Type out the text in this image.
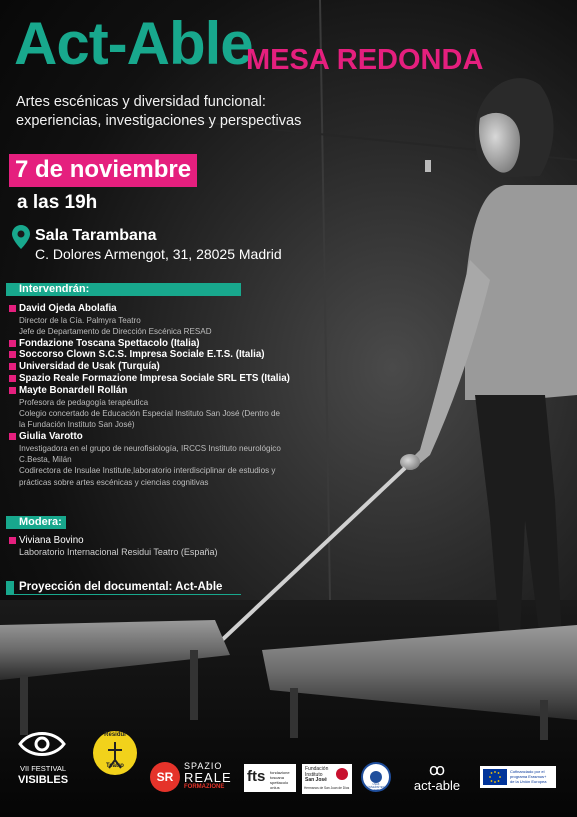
Act-Able
MESA REDONDA
Artes escénicas y diversidad funcional:
experiencias, investigaciones y perspectivas
7 de noviembre
a las 19h
Sala Tarambana
C. Dolores Armengot, 31, 28025 Madrid
Intervendrán:
David Ojeda Abolafia
Director de la Cía. Palmyra Teatro
Jefe de Departamento de Dirección Escénica RESAD
Fondazione Toscana Spettacolo (Italia)
Soccorso Clown S.C.S. Impresa Sociale E.T.S. (Italia)
Universidad de Usak (Turquía)
Spazio Reale Formazione Impresa Sociale SRL ETS (Italia)
Mayte Bonardell Rollán
Profesora de pedagogía terapéutica
Colegio concertado de Educación Especial Instituto San José (Dentro de
la Fundación Instituto San José)
Giulia Varotto
Investigadora en el grupo de neurofisiología, IRCCS Instituto neurológico
C.Besta, Milán
Codirectora de Insulae Institute,laboratorio interdisciplinar de estudios y
prácticas sobre artes escénicas y ciencias cognitivas
Modera:
Viviana Bovino
Laboratorio Internacional Residui Teatro (España)
Proyección del documental: Act-Able
VII FESTIVAL
VISIBLES
Residui
Teatro
SR
SPAZIO
REALE
FORMAZIONE
fts fondazione toscana spettacolo onlus
Fundación
Instituto
San José
Hermanos de San Juan de Dios
UŞAK ÜNİVERSİTESİ 2006
ꝏ
act-able
Cofinanciado por el
programa Erasmus+
de la Unión Europea
